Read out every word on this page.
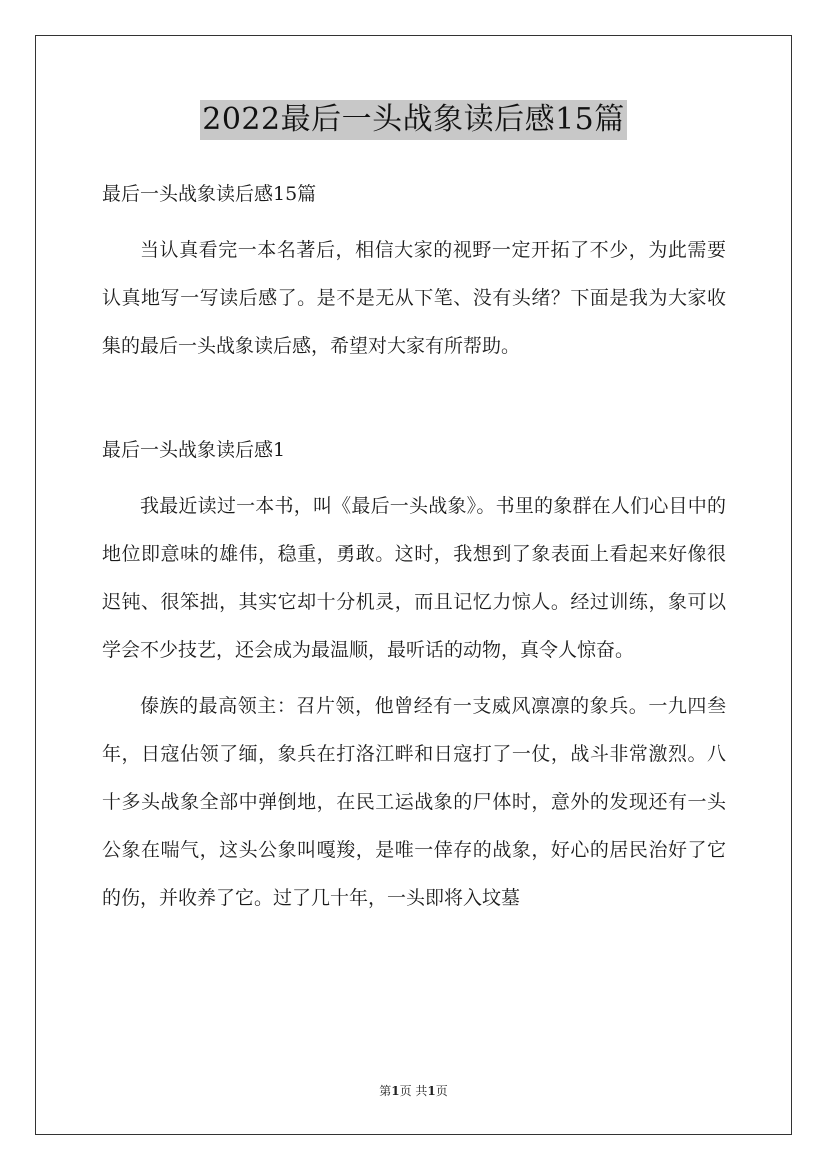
2022最后一头战象读后感15篇

最后一头战象读后感15篇

当认真看完一本名著后，相信大家的视野一定开拓了不少，为此需要认真地写一写读后感了。是不是无从下笔、没有头绪？下面是我为大家收集的最后一头战象读后感，希望对大家有所帮助。

最后一头战象读后感1

我最近读过一本书，叫《最后一头战象》。书里的象群在人们心目中的地位即意味的雄伟，稳重，勇敢。这时，我想到了象表面上看起来好像很迟钝、很笨拙，其实它却十分机灵，而且记忆力惊人。经过训练，象可以学会不少技艺，还会成为最温顺，最听话的动物，真令人惊奋。

傣族的最高领主：召片领，他曾经有一支威风凛凛的象兵。一九四叁年，日寇佔领了缅，象兵在打洛江畔和日寇打了一仗，战斗非常激烈。八十多头战象全部中弹倒地，在民工运战象的尸体时，意外的发现还有一头公象在喘气，这头公象叫嘎羧，是唯一倖存的战象，好心的居民治好了它的伤，并收养了它。过了几十年，一头即将入坟墓

第1页 共1页
